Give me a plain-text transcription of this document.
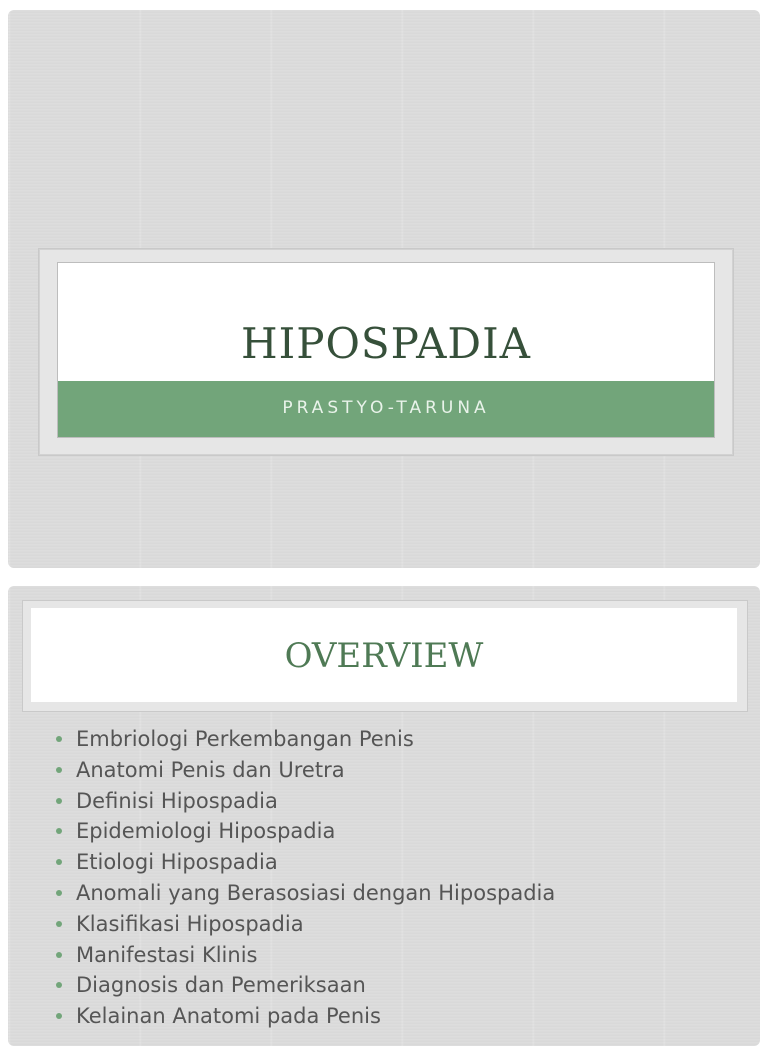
HIPOSPADIA
PRASTYO-TARUNA
OVERVIEW
Embriologi Perkembangan Penis
Anatomi Penis dan Uretra
Definisi Hipospadia
Epidemiologi Hipospadia
Etiologi Hipospadia
Anomali yang Berasosiasi dengan Hipospadia
Klasifikasi Hipospadia
Manifestasi Klinis
Diagnosis dan Pemeriksaan
Kelainan Anatomi pada Penis
